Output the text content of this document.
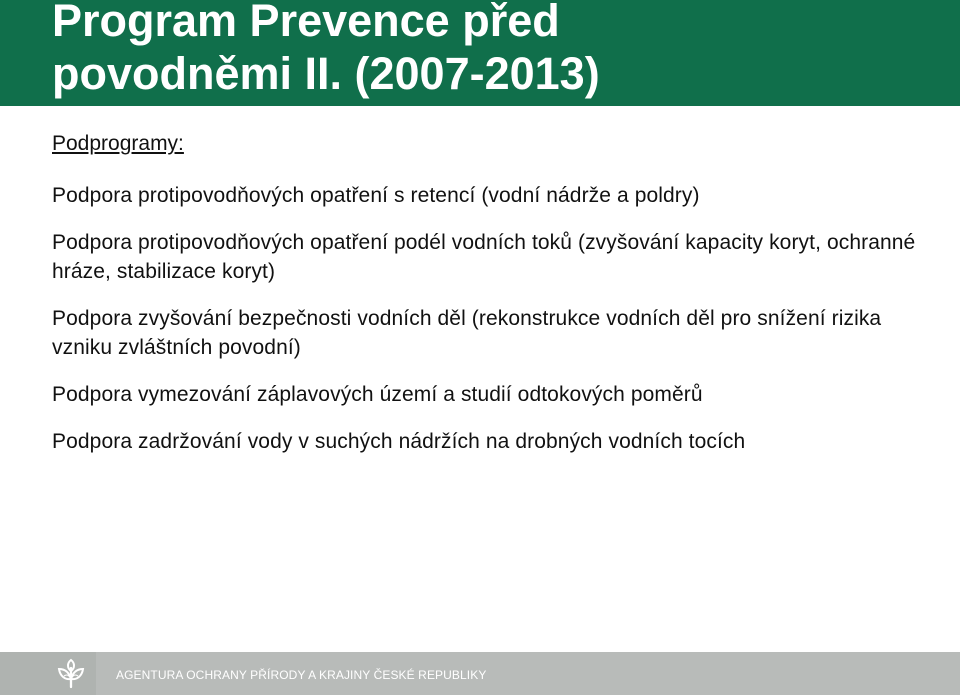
Program Prevence před
povodněmi II. (2007-2013)

Podprogramy:

Podpora protipovodňových opatření s retencí (vodní nádrže a poldry)

Podpora protipovodňových opatření podél vodních toků (zvyšování kapacity koryt, ochranné hráze, stabilizace koryt)

Podpora zvyšování bezpečnosti vodních děl (rekonstrukce vodních děl pro snížení rizika vzniku zvláštních povodní)

Podpora vymezování záplavových území a studií odtokových poměrů

Podpora zadržování vody v suchých nádržích na drobných vodních tocích

AGENTURA OCHRANY PŘÍRODY A KRAJINY ČESKÉ REPUBLIKY
